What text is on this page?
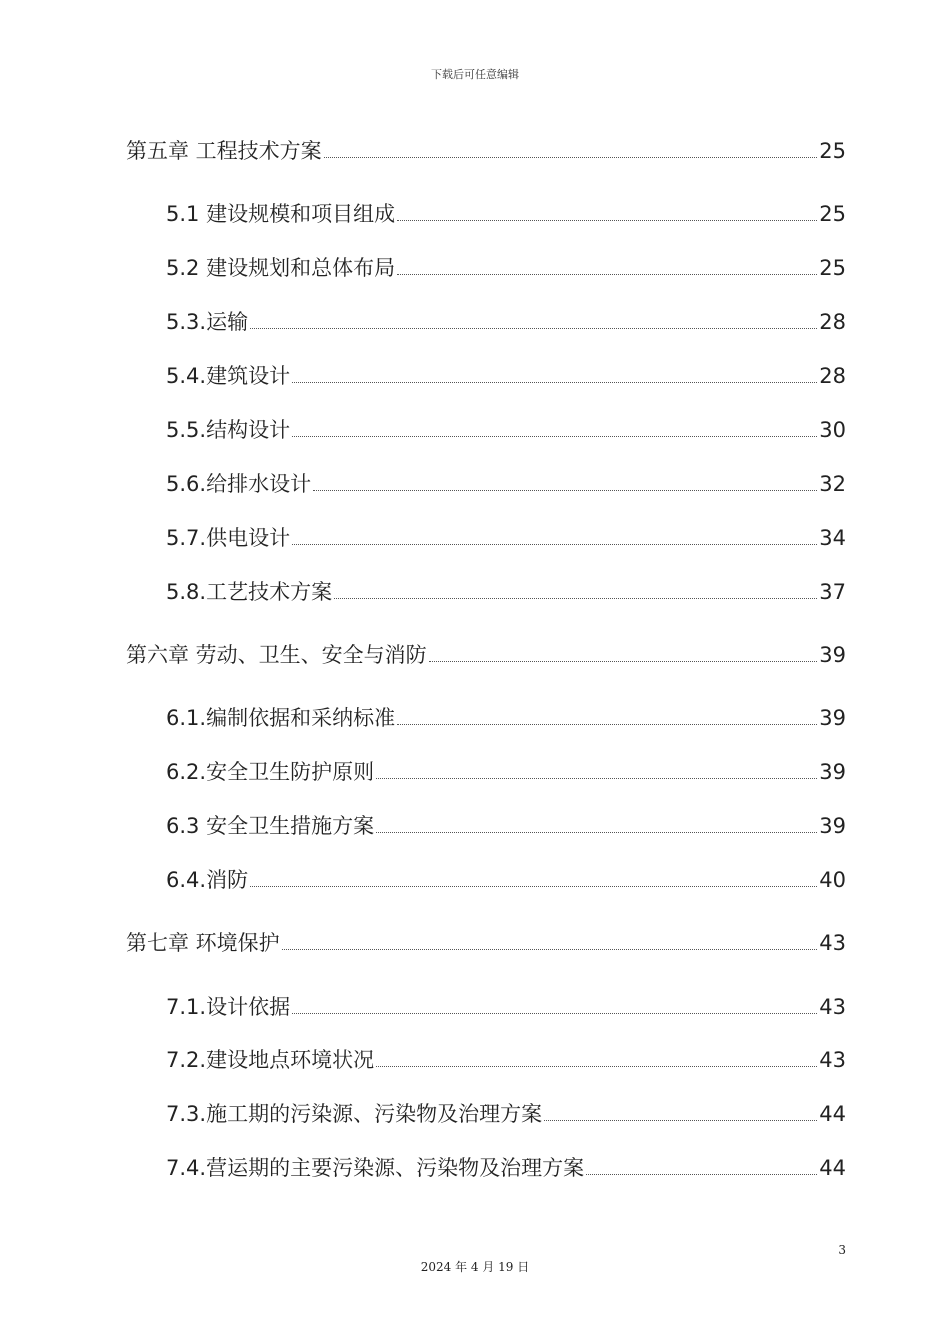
下载后可任意编辑
第五章 工程技术方案	25
5.1 建设规模和项目组成	25
5.2 建设规划和总体布局	25
5.3.运输	28
5.4.建筑设计	28
5.5.结构设计	30
5.6.给排水设计	32
5.7.供电设计	34
5.8.工艺技术方案	37
第六章 劳动、卫生、安全与消防	39
6.1.编制依据和采纳标准	39
6.2.安全卫生防护原则	39
6.3 安全卫生措施方案	39
6.4.消防	40
第七章 环境保护	43
7.1.设计依据	43
7.2.建设地点环境状况	43
7.3.施工期的污染源、污染物及治理方案	44
7.4.营运期的主要污染源、污染物及治理方案	44
3
2024 年 4 月 19 日
